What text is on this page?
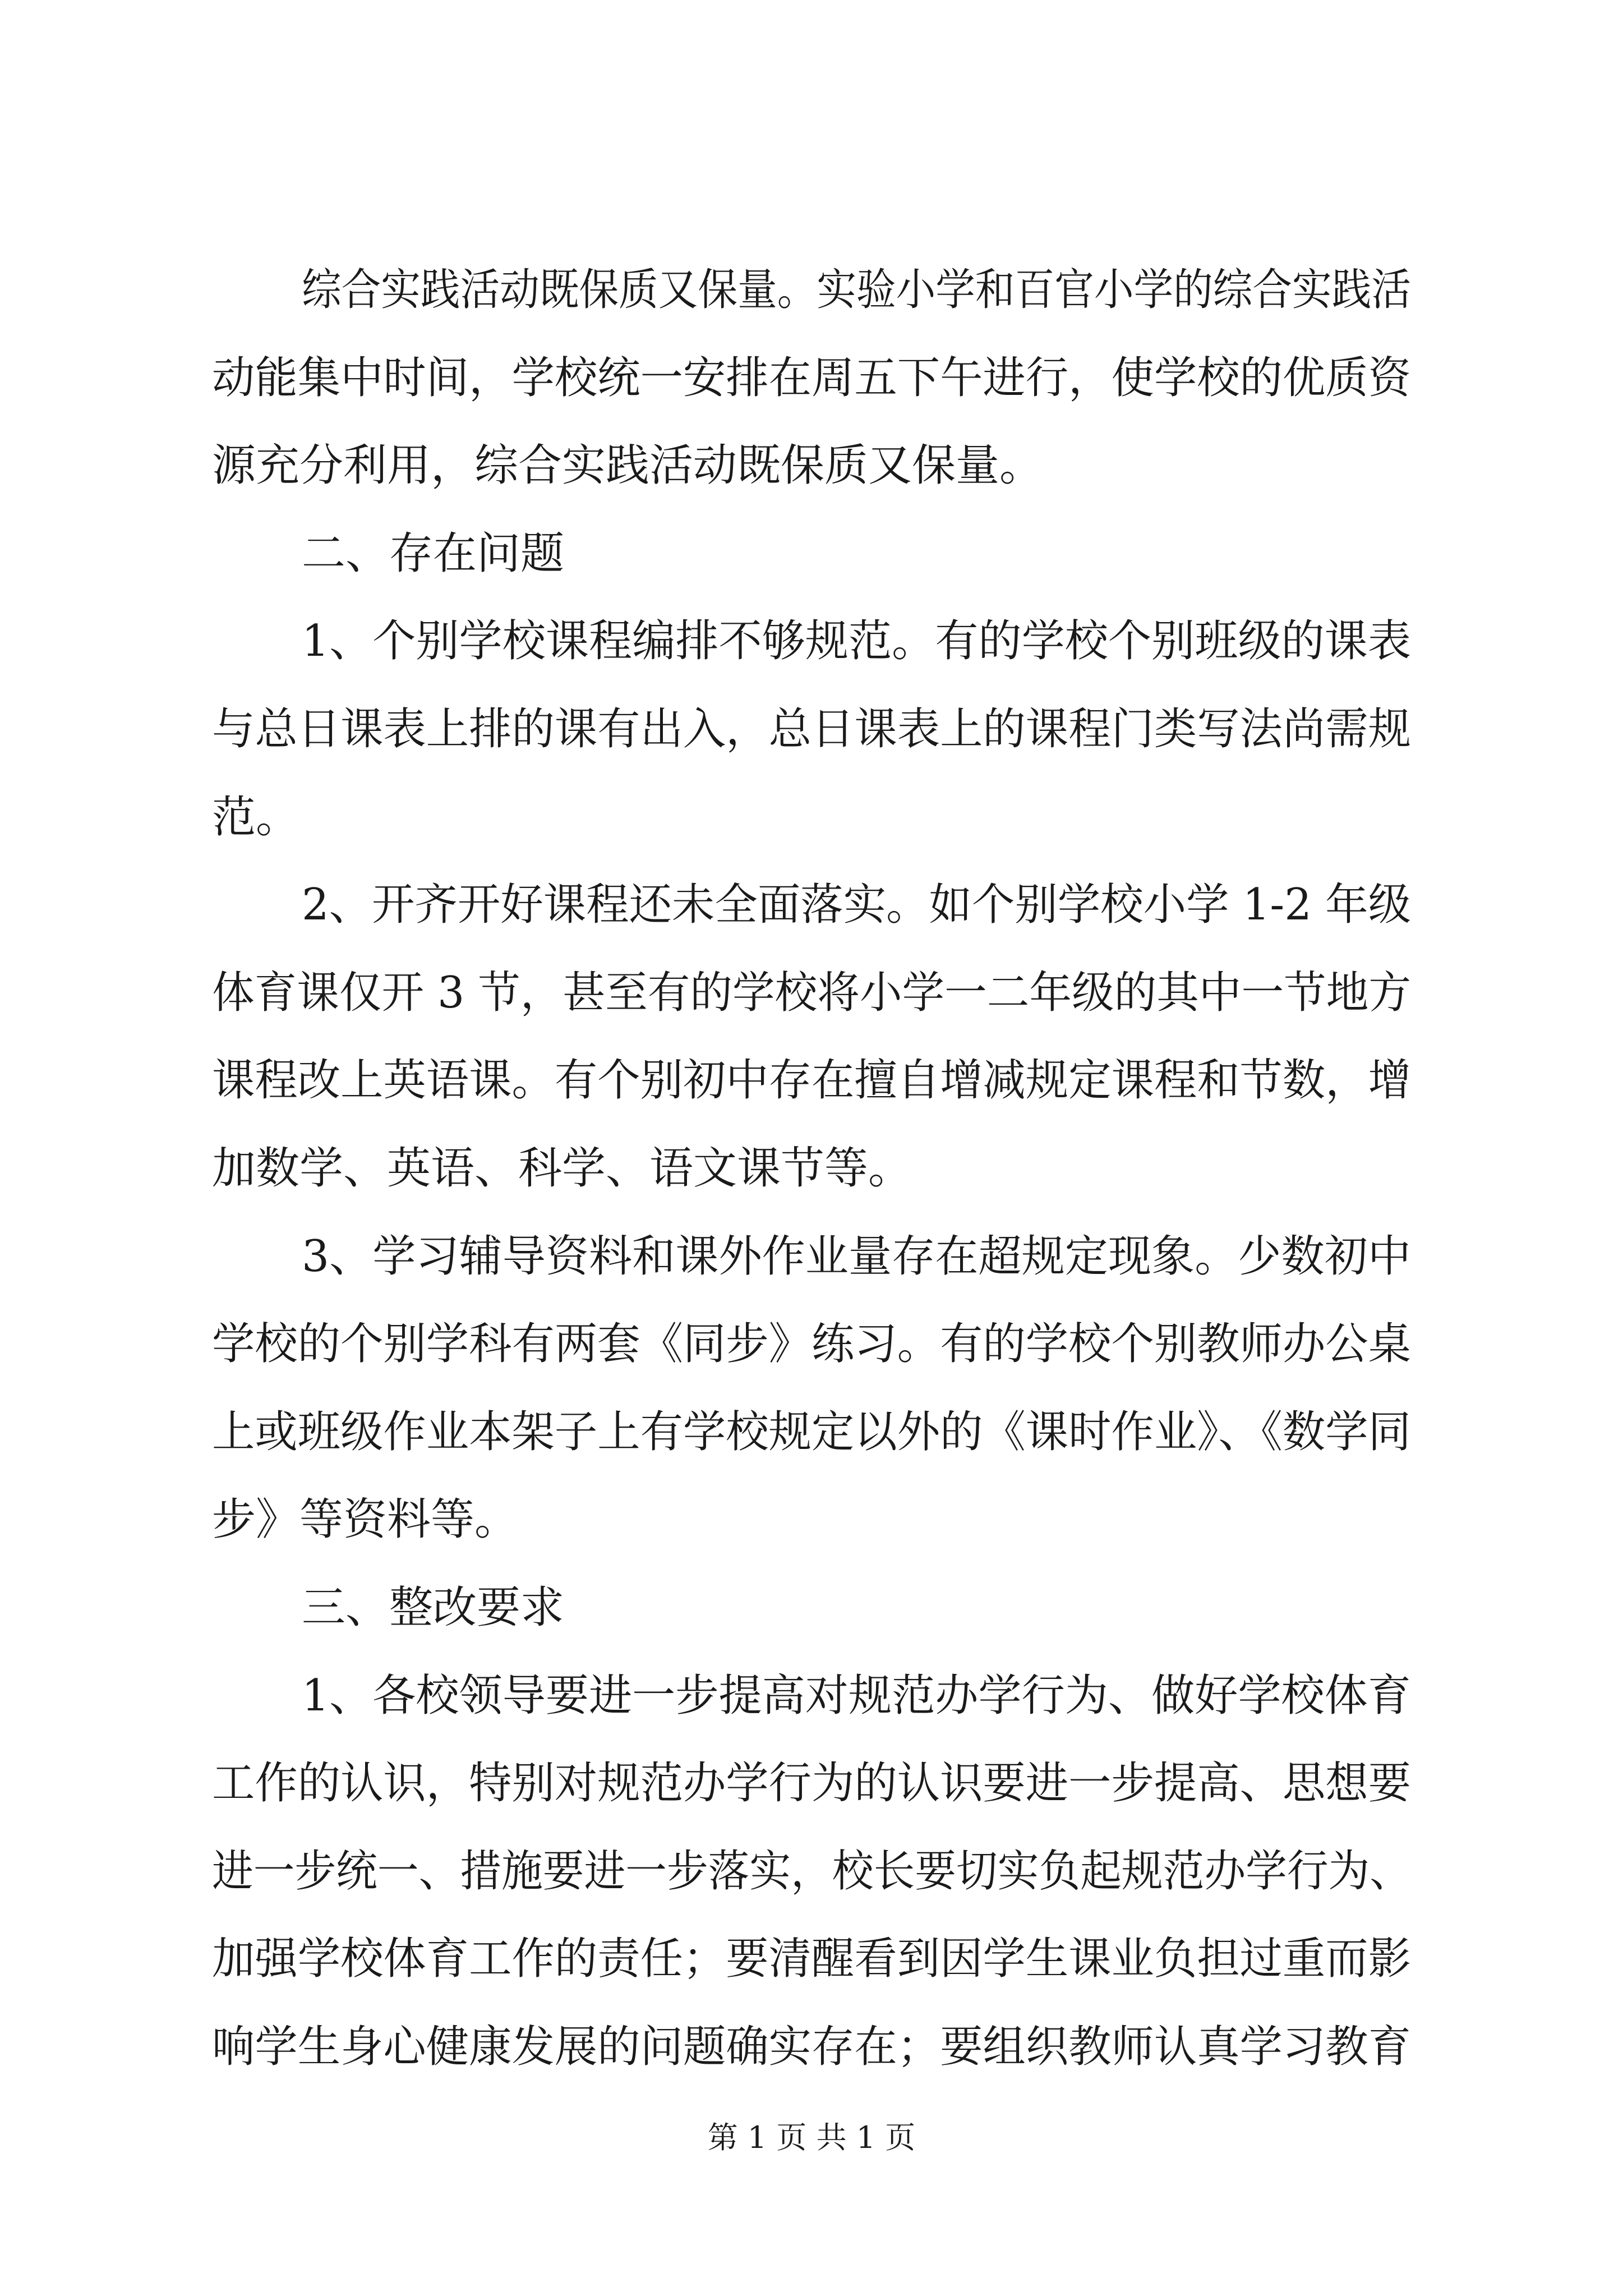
综合实践活动既保质又保量。实验小学和百官小学的综合实践活

动能集中时间，学校统一安排在周五下午进行，使学校的优质资

源充分利用，综合实践活动既保质又保量。

二、存在问题

1、个别学校课程编排不够规范。有的学校个别班级的课表

与总日课表上排的课有出入，总日课表上的课程门类写法尚需规

范。

2、开齐开好课程还未全面落实。如个别学校小学 1-2 年级

体育课仅开 3 节，甚至有的学校将小学一二年级的其中一节地方

课程改上英语课。有个别初中存在擅自增减规定课程和节数，增

加数学、英语、科学、语文课节等。

3、学习辅导资料和课外作业量存在超规定现象。少数初中

学校的个别学科有两套《同步》练习。有的学校个别教师办公桌

上或班级作业本架子上有学校规定以外的《课时作业》、《数学同

步》等资料等。

三、整改要求

1、各校领导要进一步提高对规范办学行为、做好学校体育

工作的认识，特别对规范办学行为的认识要进一步提高、思想要

进一步统一、措施要进一步落实，校长要切实负起规范办学行为、

加强学校体育工作的责任；要清醒看到因学生课业负担过重而影

响学生身心健康发展的问题确实存在；要组织教师认真学习教育

第 1 页 共 1 页
